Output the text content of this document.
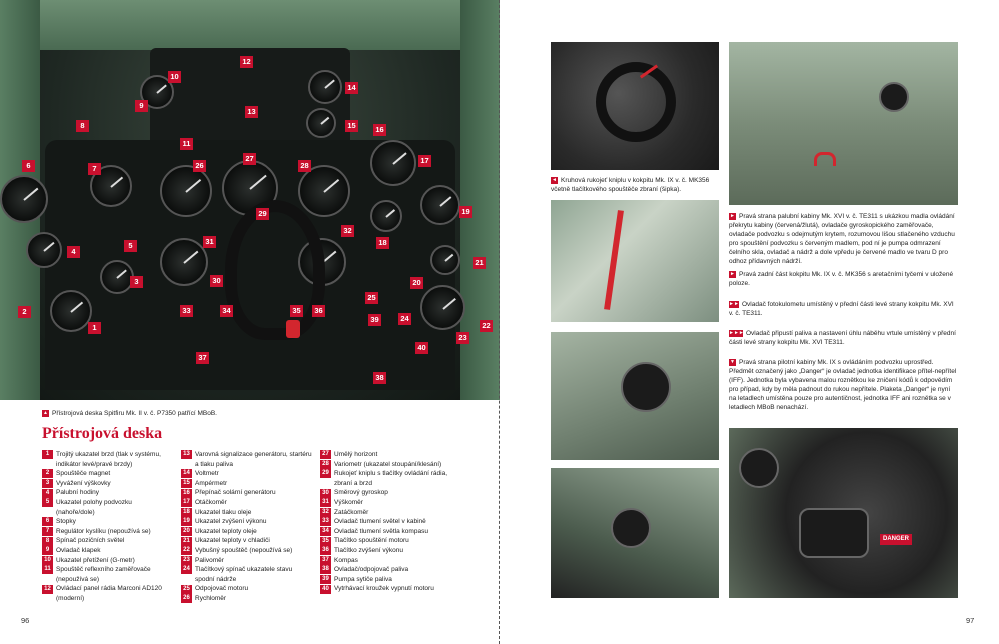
1
2
3
4
5
6	7
8
9
10
11
12
13
14
15	16
17
18
19
20
21
22
23
24
25
26
27
28
29
30
31
32
33	34	35	36
37
38
39
40
▲ Přístrojová deska Spitfiru Mk. II v. č. P7350 patřící MBoB.
Přístrojová deska
1	Trojitý ukazatel brzd (tlak v systému, indikátor levé/pravé brzdy)
2	Spouštěče magnet
3	Vyvážení výškovky
4	Palubní hodiny
5	Ukazatel polohy podvozku (nahoře/dole)
6	Stopky
7	Regulátor kyslíku (nepoužívá se)
8	Spínač pozičních světel
9	Ovladač klapek
10 Ukazatel přetížení (G-metr)
11 Spouštěč reflexního zaměřovače (nepoužívá se)
12 Ovládací panel rádia Marconi AD120 (moderní)
13 Varovná signalizace generátoru, startéru a tlaku paliva
14 Voltmetr
15 Ampérmetr
16 Přepínač solární generátoru
17 Otáčkoměr
18 Ukazatel tlaku oleje
19 Ukazatel zvýšení výkonu
20 Ukazatel teploty oleje
21 Ukazatel teploty v chladiči
22 Vybušný spouštěč (nepoužívá se)
23 Palivoměr
24 Tlačítkový spínač ukazatele stavu spodní nádrže
25 Odpojovač motoru
26 Rychloměr
27 Umělý horizont
28 Variometr (ukazatel stoupání/klesání)
29 Rukojeť kniplu s tlačítky ovládání rádia, zbraní a brzd
30 Směrový gyroskop
31 Výškoměr
32 Zatáčkoměr
33 Ovladač tlumení světel v kabině
34 Ovladač tlumení světla kompasu
35 Tlačítko spouštění motoru
36 Tlačítko zvýšení výkonu
37 Kompas
38 Ovladač/odpojovač paliva
39 Pumpa sytiče paliva
40 Vytrhávací kroužek vypnutí motoru
96
◄ Kruhová rukojeť kniplu v kokpitu Mk. IX v. č. MK356 včetně tlačítkového spouštěče zbraní (šipka).
► Pravá strana palubní kabiny Mk. XVI v. č. TE311 s ukázkou madla ovládání překrytu kabiny (červená/žlutá), ovladače gyroskopického zaměřovače, ovladače podvozku s odejmutým krytem, rozumovou lišou stlačeného vzduchu pro spouštění podvozku s červeným madlem, pod ní je pumpa odmrazení čelního skla, ovladač a nádrž a dole vpředu je červené madlo ve tvaru D pro odhoz přídavných nádrží.
► Pravá zadní část kokpitu Mk. IX v. č. MK356 s aretačními tyčemi v uložené poloze.
►► Ovladač fotokulometu umístěný v přední části levé strany kokpitu Mk. XVI v. č. TE311.
►►► Ovladač připustí paliva a nastavení úhlu náběhu vrtule umístěný v přední části levé strany kokpitu Mk. XVI TE311.
▼ Pravá strana pilotní kabiny Mk. IX s ovládáním podvozku uprostřed. Předmět označený jako „Danger“ je ovladač jednotka identifikace přítel-nepřítel (IFF). Jednotka byla vybavena malou roznětkou ke zničení kódů k odpovědím pro případ, kdy by měla padnout do rukou nepřítele. Plaketa „Danger“ je nyní na letadlech umístěna pouze pro autentičnost, jednotka IFF ani roznětka se v letadlech MBoB nenachází.
DANGER
97
